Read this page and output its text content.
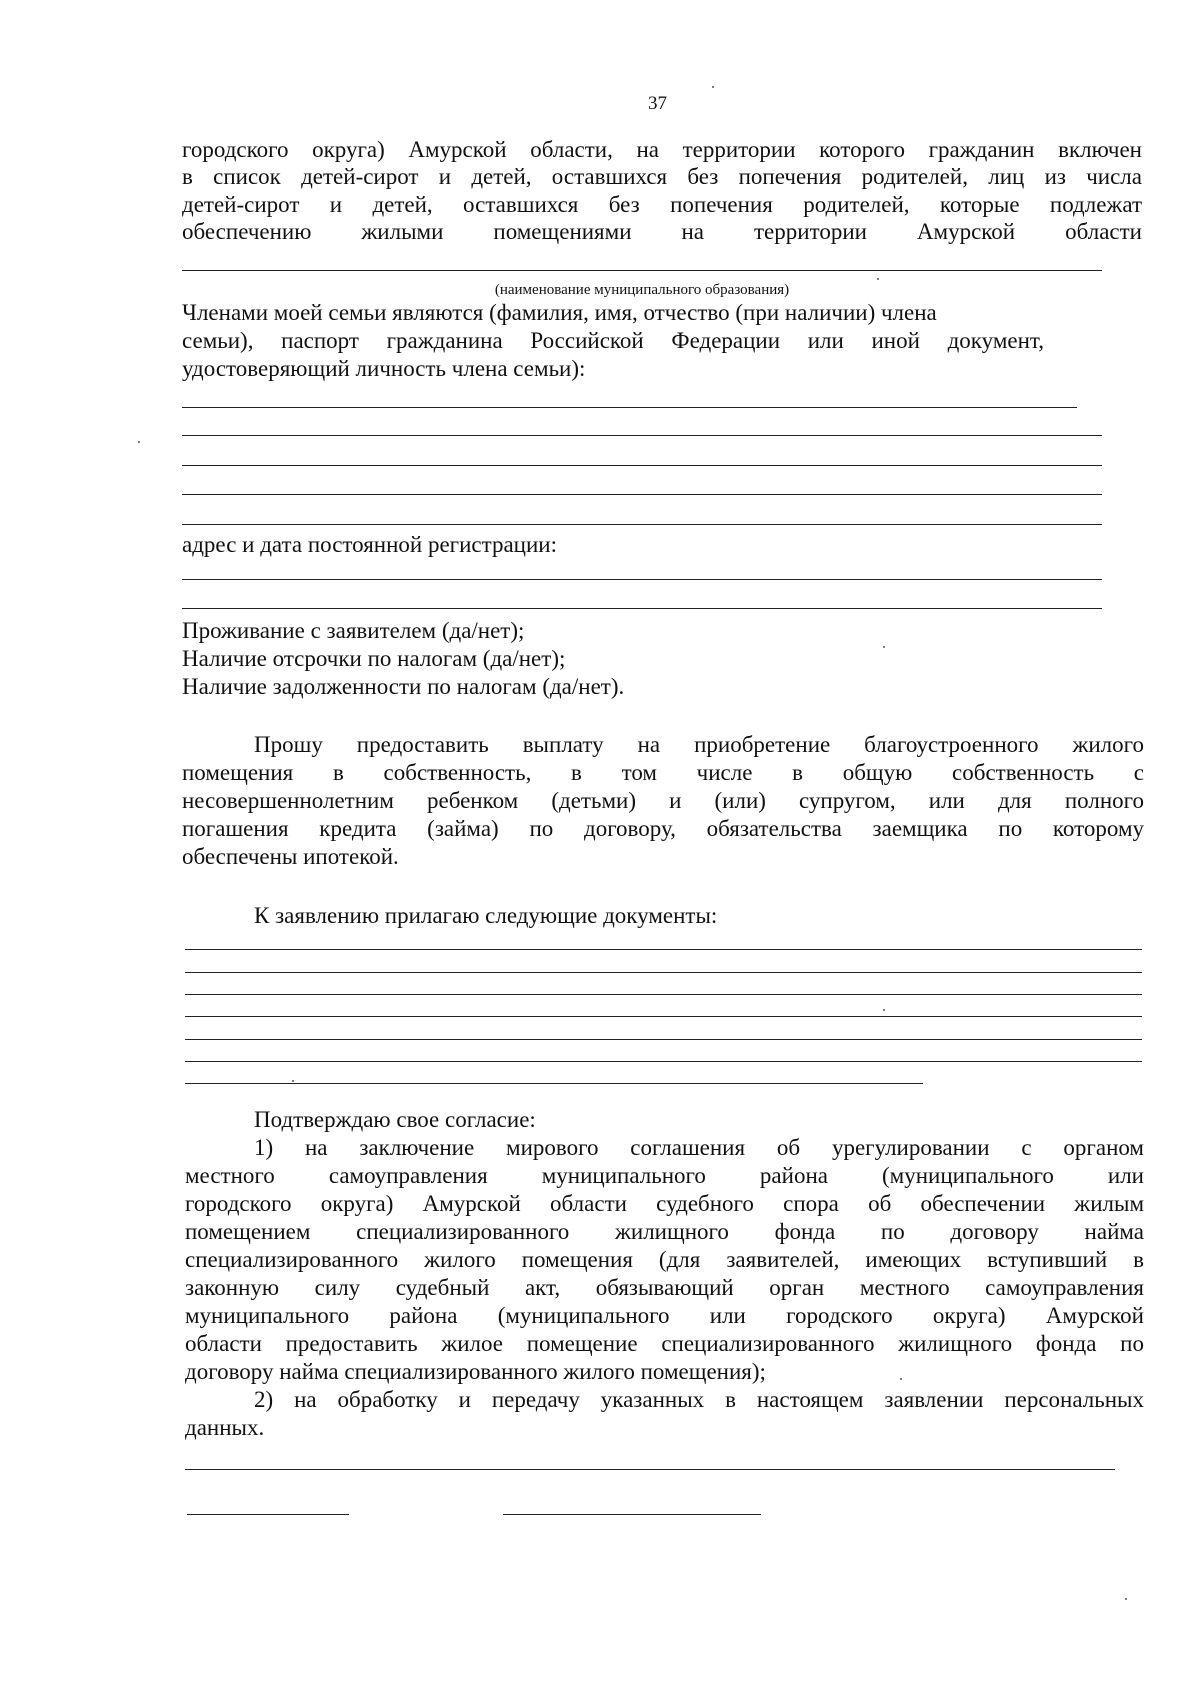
37
городского округа) Амурской области, на территории которого гражданин включен
в список детей-сирот и детей, оставшихся без попечения родителей, лиц из числа
детей-сирот и детей, оставшихся без попечения родителей, которые подлежат
обеспечению жилыми помещениями на территории Амурской области
(наименование муниципального образования)
Членами моей семьи являются (фамилия, имя, отчество (при наличии) члена
семьи), паспорт гражданина Российской Федерации или иной документ,
удостоверяющий личность члена семьи):
адрес и дата постоянной регистрации:
Проживание с заявителем (да/нет);
Наличие отсрочки по налогам (да/нет);
Наличие задолженности по налогам (да/нет).
Прошу предоставить выплату на приобретение благоустроенного жилого
помещения в собственность, в том числе в общую собственность с
несовершеннолетним ребенком (детьми) и (или) супругом, или для полного
погашения кредита (займа) по договору, обязательства заемщика по которому
обеспечены ипотекой.
К заявлению прилагаю следующие документы:
Подтверждаю свое согласие:
1) на заключение мирового соглашения об урегулировании с органом
местного самоуправления муниципального района (муниципального или
городского округа) Амурской области судебного спора об обеспечении жилым
помещением специализированного жилищного фонда по договору найма
специализированного жилого помещения (для заявителей, имеющих вступивший в
законную силу судебный акт, обязывающий орган местного самоуправления
муниципального района (муниципального или городского округа) Амурской
области предоставить жилое помещение специализированного жилищного фонда по
договору найма специализированного жилого помещения);
2) на обработку и передачу указанных в настоящем заявлении персональных
данных.
